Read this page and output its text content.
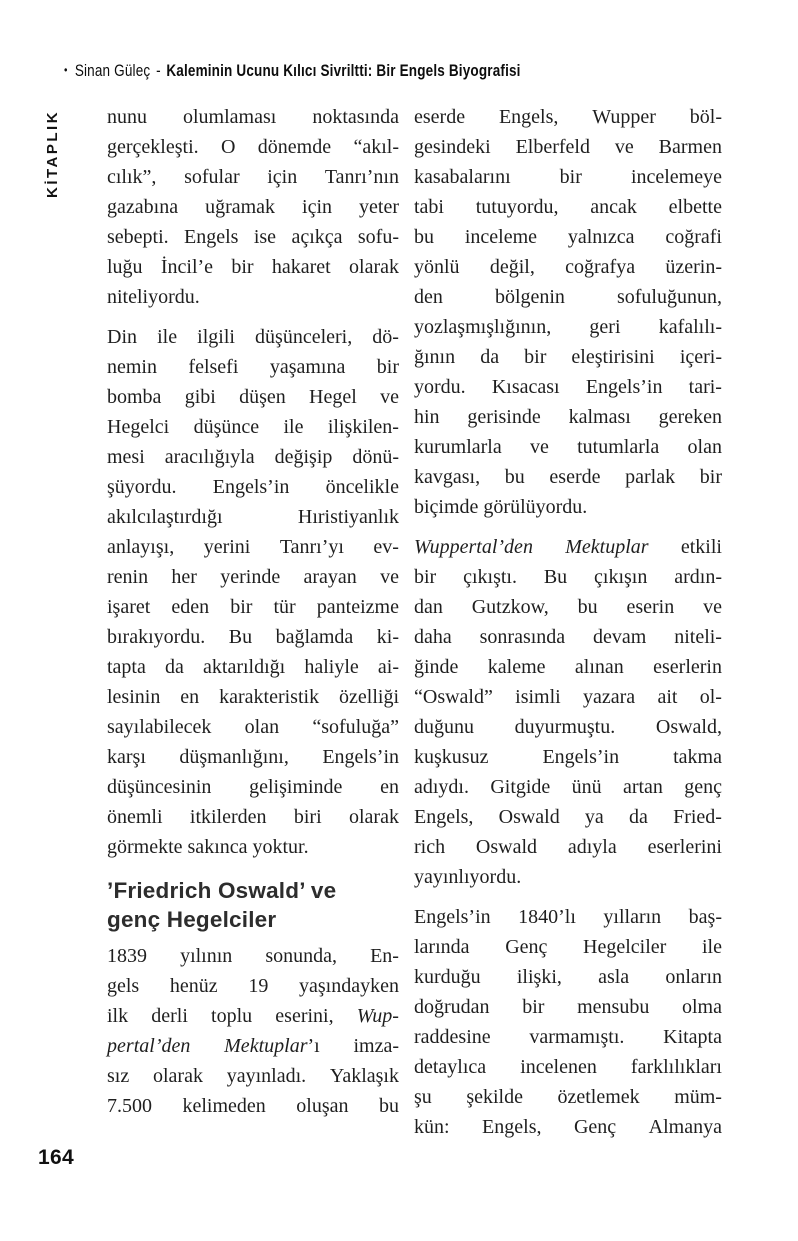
• Sinan Güleç - Kaleminin Ucunu Kılıcı Sivriltti: Bir Engels Biyografisi
KİTAPLIK nunu olumlaması noktasında
gerçekleşti. O dönemde “akıl-
cılık”, sofular için Tanrı’nın
gazabına uğramak için yeter
sebepti. Engels ise açıkça sofu-
luğu İncil’e bir hakaret olarak
niteliyordu.
Din ile ilgili düşünceleri, dö-
nemin felsefi yaşamına bir
bomba gibi düşen Hegel ve
Hegelci düşünce ile ilişkilen-
mesi aracılığıyla değişip dönü-
şüyordu. Engels’in öncelikle
akılcılaştırdığı	Hıristiyanlık
anlayışı, yerini Tanrı’yı ev-
renin her yerinde arayan ve
işaret eden bir tür panteizme
bırakıyordu. Bu bağlamda ki-
tapta da aktarıldığı haliyle ai-
lesinin en karakteristik özelliği
sayılabilecek olan “sofuluğa”
karşı düşmanlığını, Engels’in
düşüncesinin gelişiminde en
önemli itkilerden biri olarak
görmekte sakınca yoktur.
’Friedrich Oswald’ ve
genç Hegelciler
1839 yılının sonunda, En-
gels henüz 19 yaşındayken
ilk derli toplu eserini, Wup-
pertal’den Mektuplar’ı imza-
sız olarak yayınladı. Yaklaşık
7.500 kelimeden oluşan bu
eserde Engels, Wupper böl-
gesindeki Elberfeld ve Barmen
kasabalarını bir incelemeye
tabi tutuyordu, ancak elbette
bu inceleme yalnızca coğrafi
yönlü değil, coğrafya üzerin-
den	bölgenin	sofuluğunun,
yozlaşmışlığının, geri kafalılı-
ğının da bir eleştirisini içeri-
yordu. Kısacası Engels’in tari-
hin gerisinde kalması gereken
kurumlarla ve tutumlarla olan
kavgası, bu eserde parlak bir
biçimde görülüyordu.
Wuppertal’den Mektuplar etkili
bir çıkıştı. Bu çıkışın ardın-
dan Gutzkow, bu eserin ve
daha sonrasında devam niteli-
ğinde kaleme alınan eserlerin
“Oswald” isimli yazara ait ol-
duğunu duyurmuştu. Oswald,
kuşkusuz	Engels’in	takma
adıydı. Gitgide ünü artan genç
Engels, Oswald ya da Fried-
rich Oswald adıyla eserlerini
yayınlıyordu.
Engels’in 1840’lı yılların baş-
larında Genç Hegelciler ile
kurduğu ilişki, asla onların
doğrudan bir mensubu olma
raddesine varmamıştı. Kitapta
detaylıca incelenen farklılıkları
şu şekilde özetlemek müm-
kün: Engels, Genç Almanya
164
